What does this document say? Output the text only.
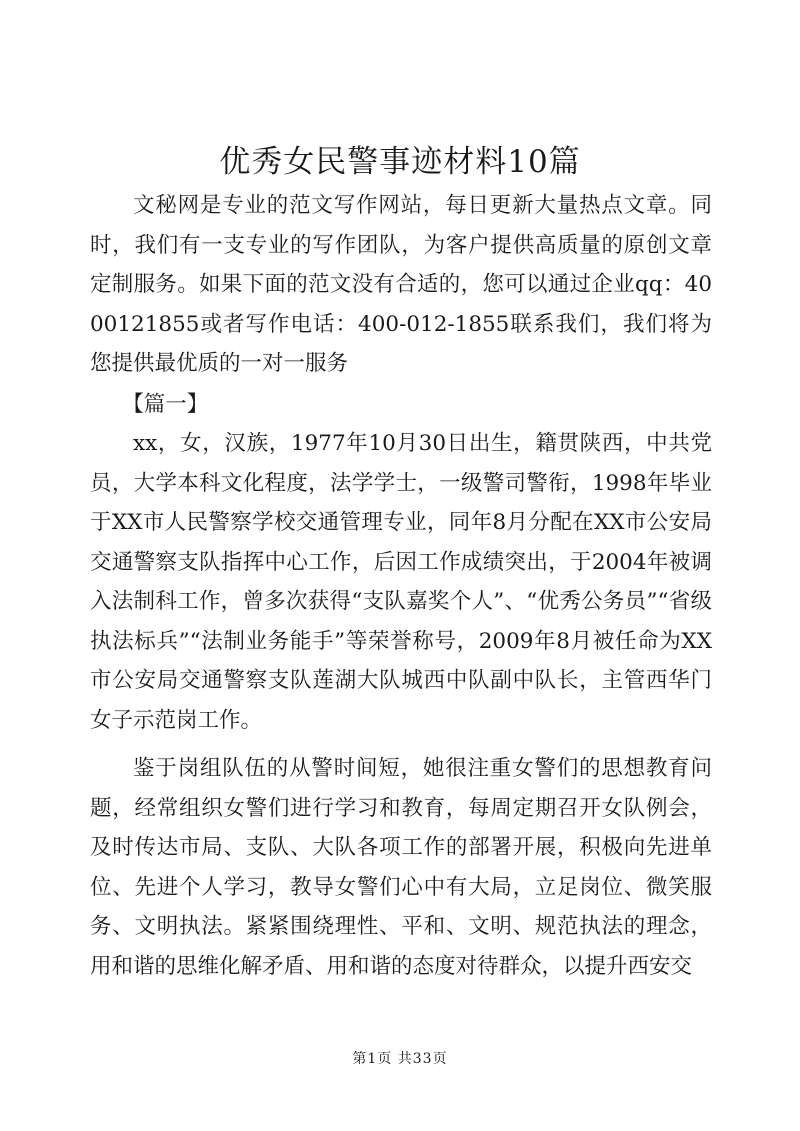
优秀女民警事迹材料10篇

文秘网是专业的范文写作网站，每日更新大量热点文章。同时，我们有一支专业的写作团队，为客户提供高质量的原创文章定制服务。如果下面的范文没有合适的，您可以通过企业qq：4000121855或者写作电话：400-012-1855联系我们，我们将为您提供最优质的一对一服务

【篇一】

xx，女，汉族，1977年10月30日出生，籍贯陕西，中共党员，大学本科文化程度，法学学士，一级警司警衔，1998年毕业于XX市人民警察学校交通管理专业，同年8月分配在XX市公安局交通警察支队指挥中心工作，后因工作成绩突出，于2004年被调入法制科工作，曾多次获得“支队嘉奖个人”、“优秀公务员”“省级执法标兵”“法制业务能手”等荣誉称号，2009年8月被任命为XX市公安局交通警察支队莲湖大队城西中队副中队长，主管西华门女子示范岗工作。

鉴于岗组队伍的从警时间短，她很注重女警们的思想教育问题，经常组织女警们进行学习和教育，每周定期召开女队例会，及时传达市局、支队、大队各项工作的部署开展，积极向先进单位、先进个人学习，教导女警们心中有大局，立足岗位、微笑服务、文明执法。紧紧围绕理性、平和、文明、规范执法的理念，用和谐的思维化解矛盾、用和谐的态度对待群众，以提升西安交

第1页 共33页
